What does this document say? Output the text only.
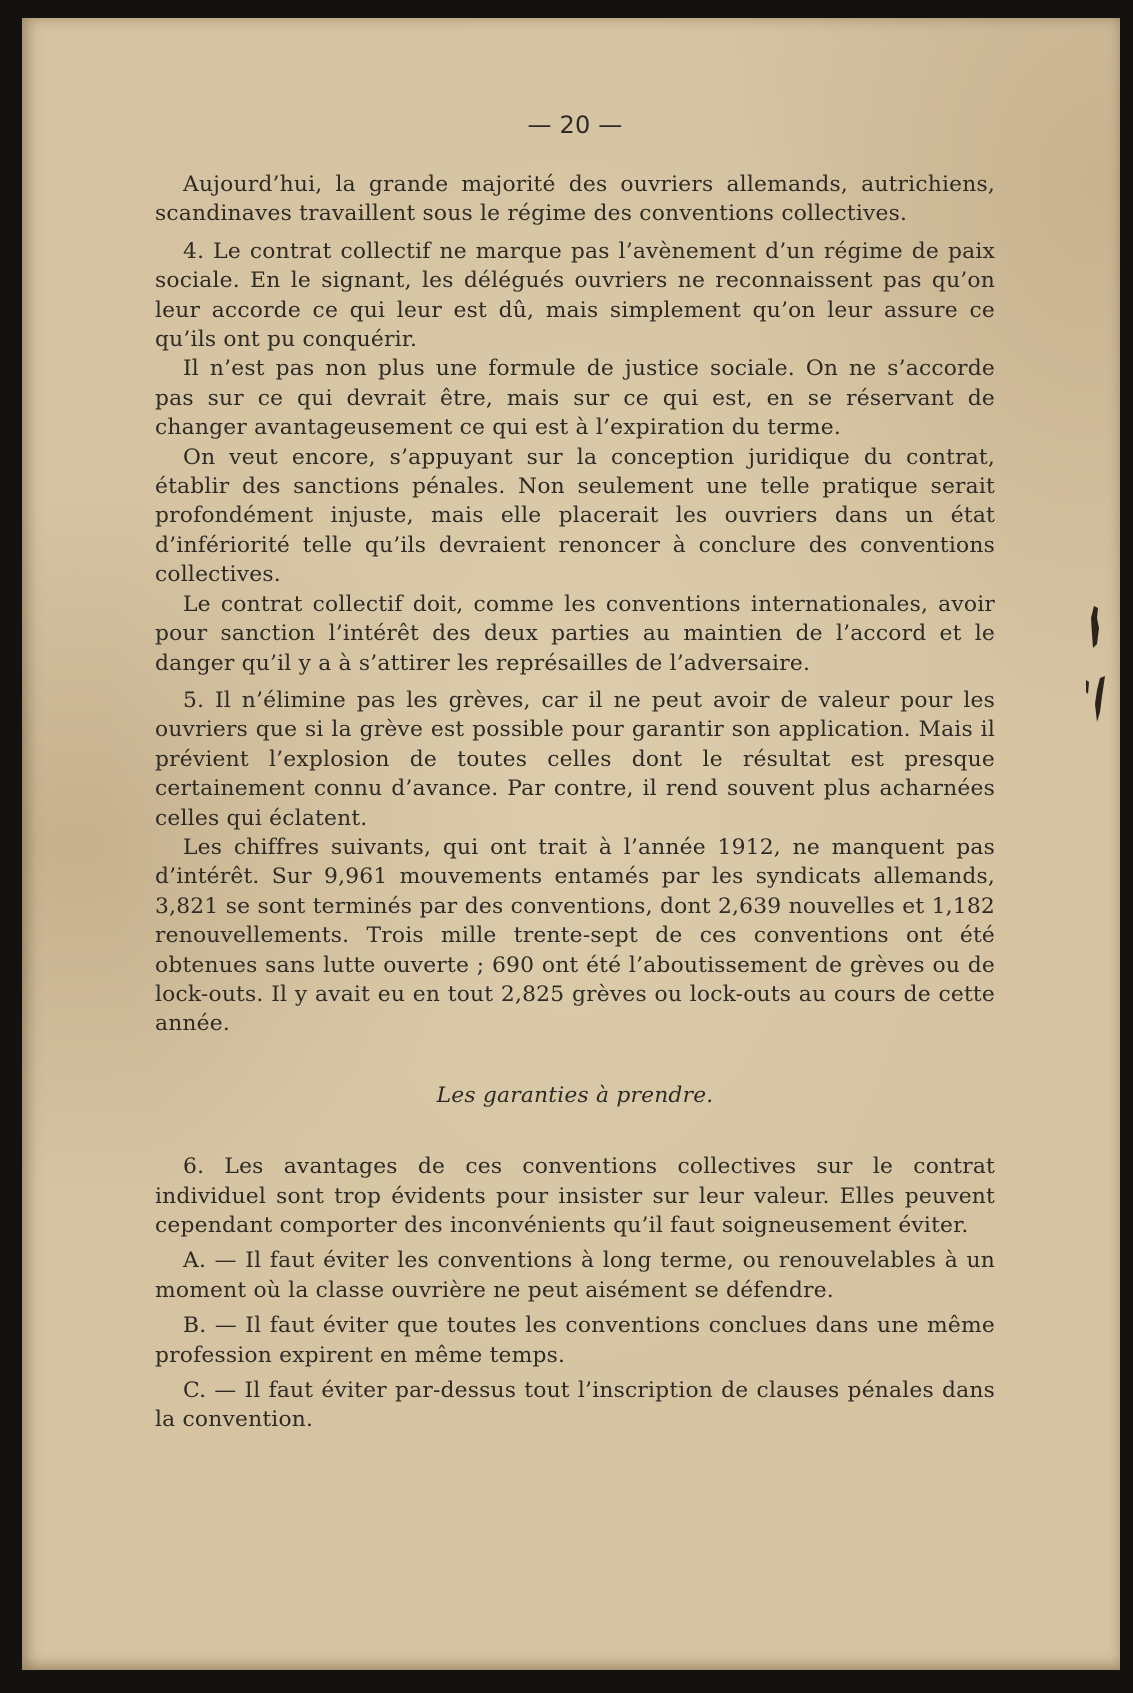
— 20 —

Aujourd’hui, la grande majorité des ouvriers allemands, autrichiens, scandinaves travaillent sous le régime des conventions collectives.

4. Le contrat collectif ne marque pas l’avènement d’un régime de paix sociale. En le signant, les délégués ouvriers ne reconnaissent pas qu’on leur accorde ce qui leur est dû, mais simplement qu’on leur assure ce qu’ils ont pu conquérir.

Il n’est pas non plus une formule de justice sociale. On ne s’accorde pas sur ce qui devrait être, mais sur ce qui est, en se réservant de changer avantageusement ce qui est à l’expiration du terme.

On veut encore, s’appuyant sur la conception juridique du contrat, établir des sanctions pénales. Non seulement une telle pratique serait profondément injuste, mais elle placerait les ouvriers dans un état d’infériorité telle qu’ils devraient renoncer à conclure des conventions collectives.

Le contrat collectif doit, comme les conventions internationales, avoir pour sanction l’intérêt des deux parties au maintien de l’accord et le danger qu’il y a à s’attirer les représailles de l’adversaire.

5. Il n’élimine pas les grèves, car il ne peut avoir de valeur pour les ouvriers que si la grève est possible pour garantir son application. Mais il prévient l’explosion de toutes celles dont le résultat est presque certainement connu d’avance. Par contre, il rend souvent plus acharnées celles qui éclatent.

Les chiffres suivants, qui ont trait à l’année 1912, ne manquent pas d’intérêt. Sur 9,961 mouvements entamés par les syndicats allemands, 3,821 se sont terminés par des conventions, dont 2,639 nouvelles et 1,182 renouvellements. Trois mille trente-sept de ces conventions ont été obtenues sans lutte ouverte ; 690 ont été l’aboutissement de grèves ou de lock-outs. Il y avait eu en tout 2,825 grèves ou lock-outs au cours de cette année.

Les garanties à prendre.

6. Les avantages de ces conventions collectives sur le contrat individuel sont trop évidents pour insister sur leur valeur. Elles peuvent cependant comporter des inconvénients qu’il faut soigneusement éviter.

A. — Il faut éviter les conventions à long terme, ou renouvelables à un moment où la classe ouvrière ne peut aisément se défendre.

B. — Il faut éviter que toutes les conventions conclues dans une même profession expirent en même temps.

C. — Il faut éviter par-dessus tout l’inscription de clauses pénales dans la convention.
